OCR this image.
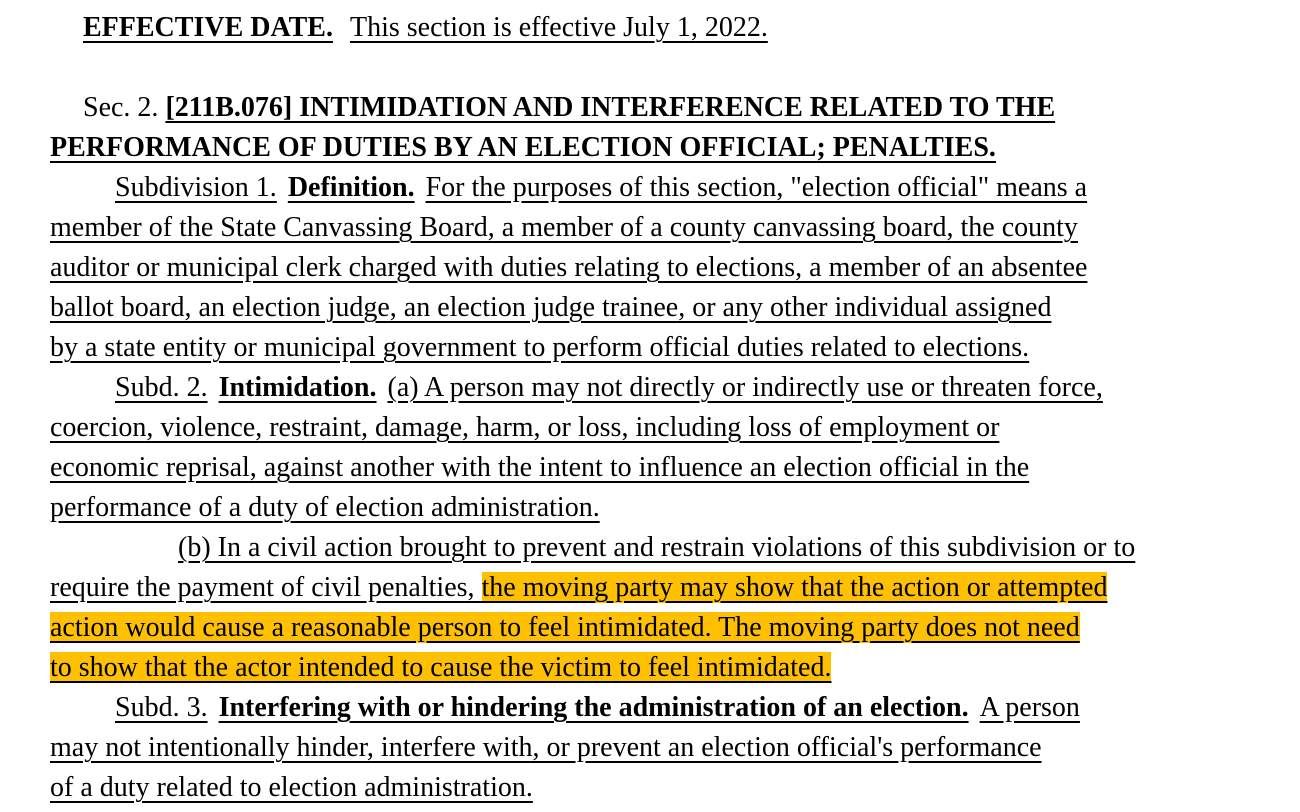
EFFECTIVE DATE. This section is effective July 1, 2022.
Sec. 2. [211B.076] INTIMIDATION AND INTERFERENCE RELATED TO THE
PERFORMANCE OF DUTIES BY AN ELECTION OFFICIAL; PENALTIES.
Subdivision 1. Definition. For the purposes of this section, "election official" means a
member of the State Canvassing Board, a member of a county canvassing board, the county
auditor or municipal clerk charged with duties relating to elections, a member of an absentee
ballot board, an election judge, an election judge trainee, or any other individual assigned
by a state entity or municipal government to perform official duties related to elections.
Subd. 2. Intimidation. (a) A person may not directly or indirectly use or threaten force,
coercion, violence, restraint, damage, harm, or loss, including loss of employment or
economic reprisal, against another with the intent to influence an election official in the
performance of a duty of election administration.
(b) In a civil action brought to prevent and restrain violations of this subdivision or to
require the payment of civil penalties, the moving party may show that the action or attempted
action would cause a reasonable person to feel intimidated. The moving party does not need
to show that the actor intended to cause the victim to feel intimidated.
Subd. 3. Interfering with or hindering the administration of an election. A person
may not intentionally hinder, interfere with, or prevent an election official's performance
of a duty related to election administration.
